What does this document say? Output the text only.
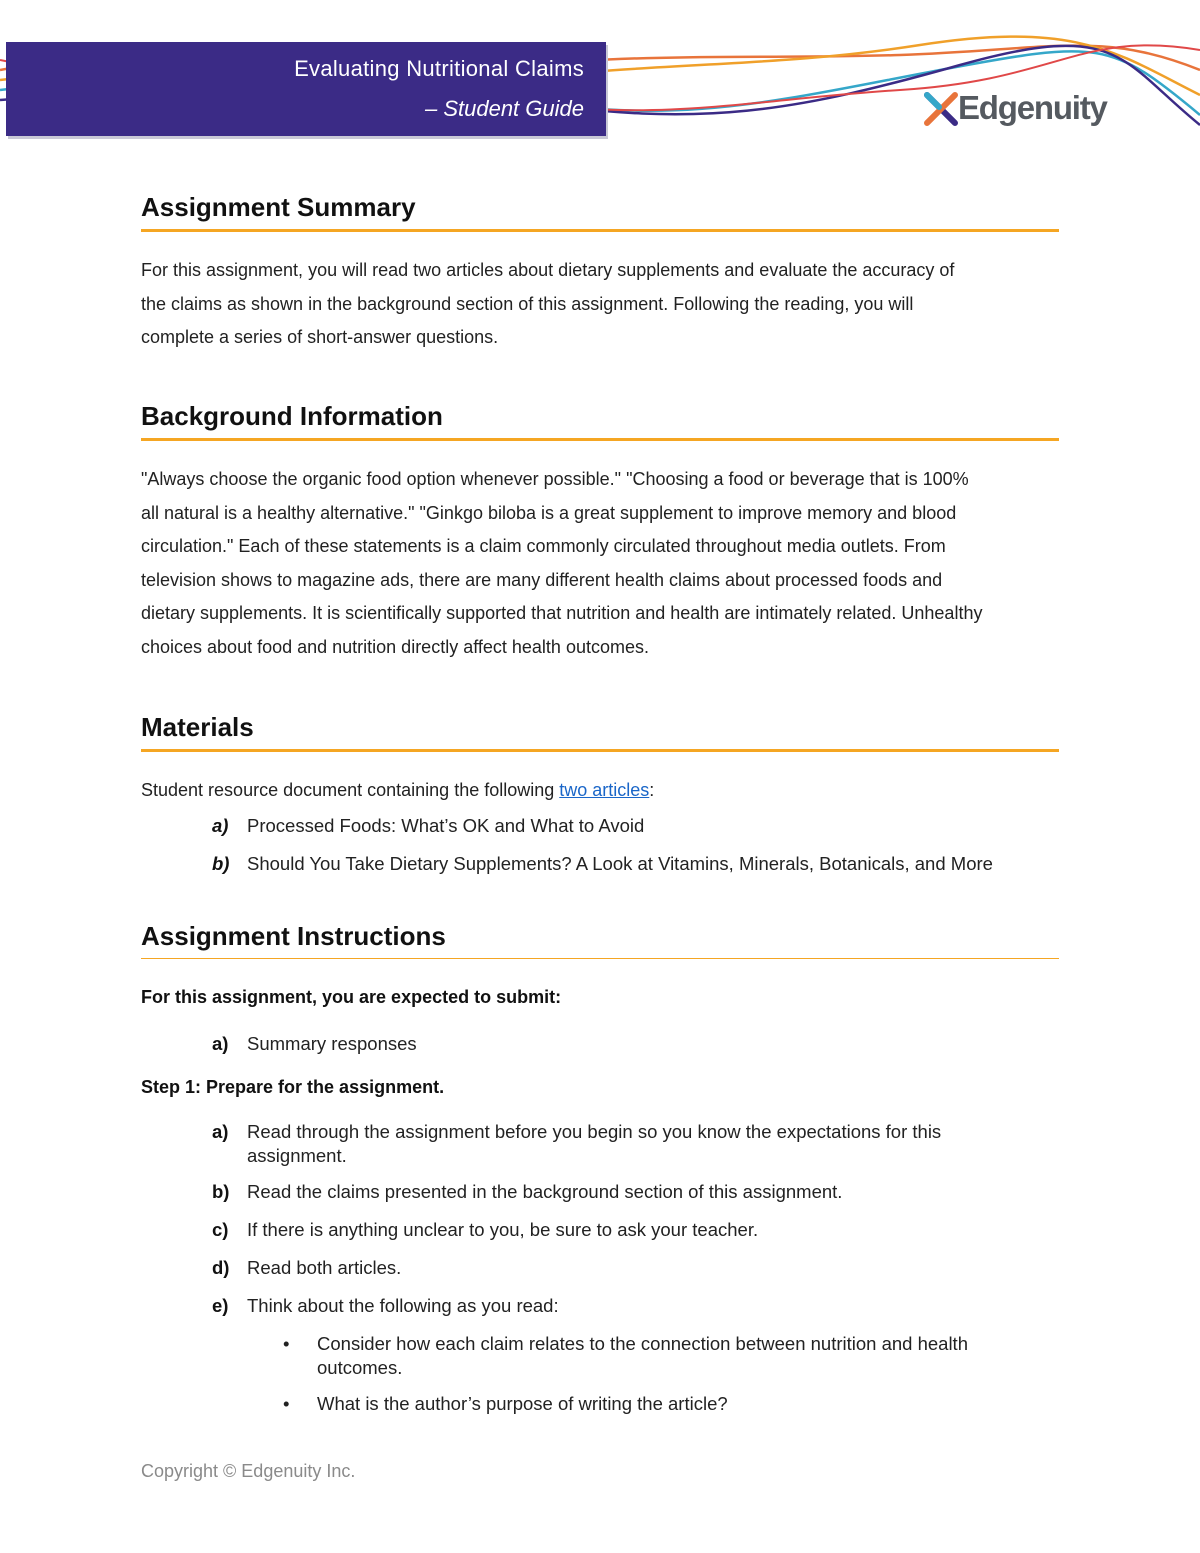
Evaluating Nutritional Claims
– Student Guide	Edgenuity
Assignment Summary

For this assignment, you will read two articles about dietary supplements and evaluate the accuracy of

the claims as shown in the background section of this assignment. Following the reading, you will

complete a series of short-answer questions.

Background Information

"Always choose the organic food option whenever possible." "Choosing a food or beverage that is 100%

all natural is a healthy alternative." "Ginkgo biloba is a great supplement to improve memory and blood

circulation." Each of these statements is a claim commonly circulated throughout media outlets. From

television shows to magazine ads, there are many different health claims about processed foods and

dietary supplements. It is scientifically supported that nutrition and health are intimately related. Unhealthy

choices about food and nutrition directly affect health outcomes.

Materials

Student resource document containing the following two articles:

a) Processed Foods: What’s OK and What to Avoid
b) Should You Take Dietary Supplements? A Look at Vitamins, Minerals, Botanicals, and More
Assignment Instructions

For this assignment, you are expected to submit:

a) Summary responses

Step 1: Prepare for the assignment.

a) Read through the assignment before you begin so you know the expectations for this
assignment.
b) Read the claims presented in the background section of this assignment.
c) If there is anything unclear to you, be sure to ask your teacher.
d) Read both articles.
e) Think about the following as you read:
• Consider how each claim relates to the connection between nutrition and health
outcomes.
• What is the author’s purpose of writing the article?
Copyright © Edgenuity Inc.
